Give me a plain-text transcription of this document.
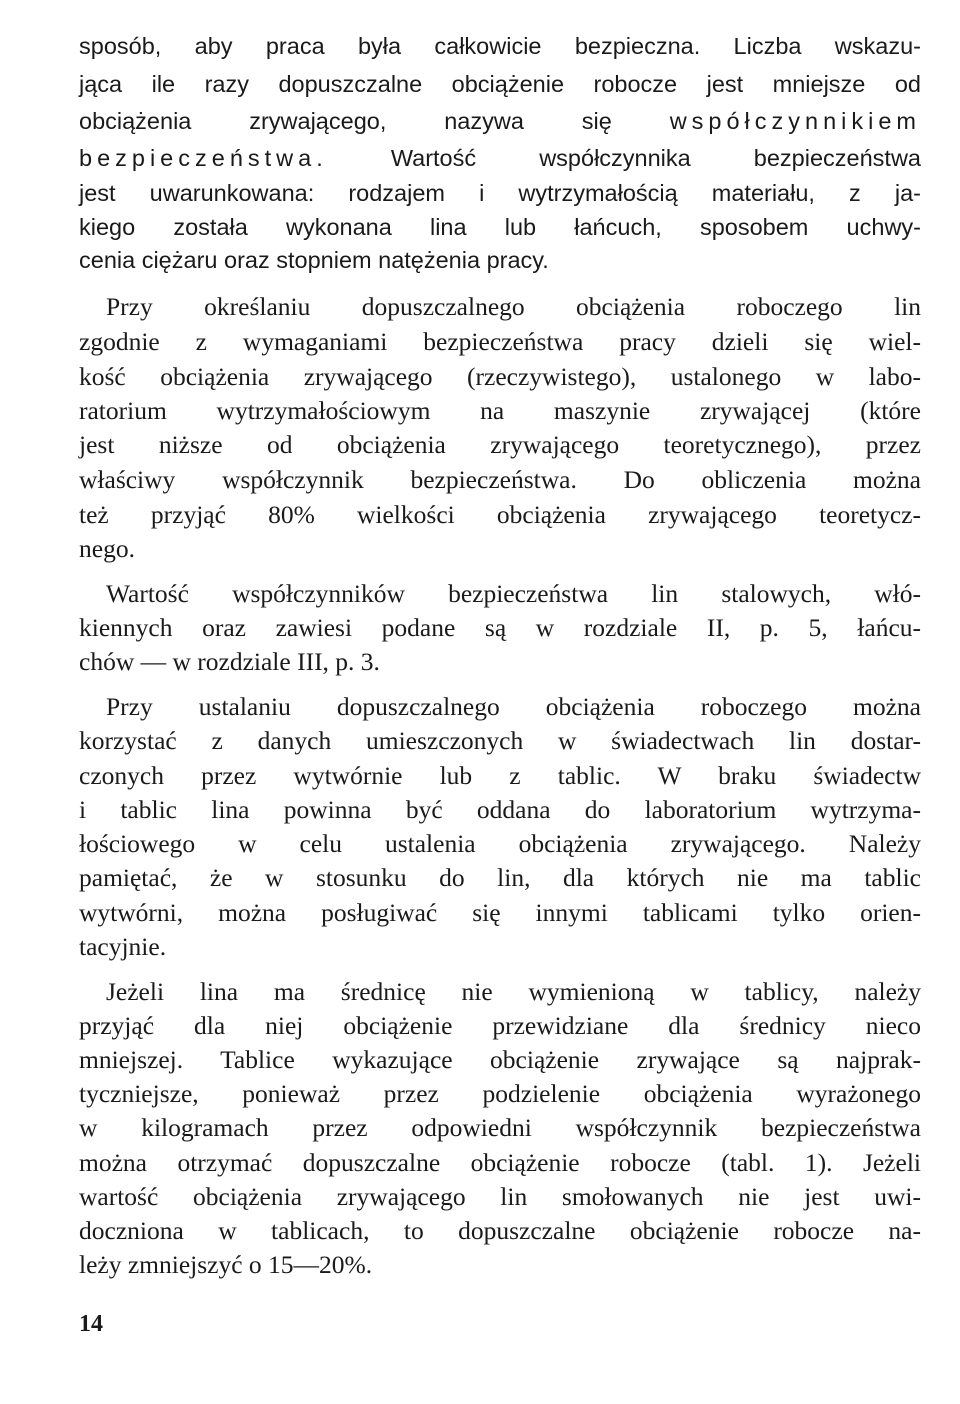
sposób, aby praca była całkowicie bezpieczna. Liczba wskazu-
jąca ile razy dopuszczalne obciążenie robocze jest mniejsze od
obciążenia zrywającego, nazywa się współczynnikiem
bezpieczeństwa. Wartość współczynnika bezpieczeństwa
jest uwarunkowana: rodzajem i wytrzymałością materiału, z ja-
kiego została wykonana lina lub łańcuch, sposobem uchwy-
cenia ciężaru oraz stopniem natężenia pracy.
Przy określaniu dopuszczalnego obciążenia roboczego lin
zgodnie z wymaganiami bezpieczeństwa pracy dzieli się wiel-
kość obciążenia zrywającego (rzeczywistego), ustalonego w labo-
ratorium wytrzymałościowym na maszynie zrywającej (które
jest niższe od obciążenia zrywającego teoretycznego), przez
właściwy współczynnik bezpieczeństwa. Do obliczenia można
też przyjąć 80% wielkości obciążenia zrywającego teoretycz-
nego.
Wartość współczynników bezpieczeństwa lin stalowych, włó-
kiennych oraz zawiesi podane są w rozdziale II, p. 5, łańcu-
chów — w rozdziale III, p. 3.
Przy ustalaniu dopuszczalnego obciążenia roboczego można
korzystać z danych umieszczonych w świadectwach lin dostar-
czonych przez wytwórnie lub z tablic. W braku świadectw
i tablic lina powinna być oddana do laboratorium wytrzyma-
łościowego w celu ustalenia obciążenia zrywającego. Należy
pamiętać, że w stosunku do lin, dla których nie ma tablic
wytwórni, można posługiwać się innymi tablicami tylko orien-
tacyjnie.
Jeżeli lina ma średnicę nie wymienioną w tablicy, należy
przyjąć dla niej obciążenie przewidziane dla średnicy nieco
mniejszej. Tablice wykazujące obciążenie zrywające są najprak-
tyczniejsze, ponieważ przez podzielenie obciążenia wyrażonego
w kilogramach przez odpowiedni współczynnik bezpieczeństwa
można otrzymać dopuszczalne obciążenie robocze (tabl. 1). Jeżeli
wartość obciążenia zrywającego lin smołowanych nie jest uwi-
doczniona w tablicach, to dopuszczalne obciążenie robocze na-
leży zmniejszyć o 15—20%.
14
